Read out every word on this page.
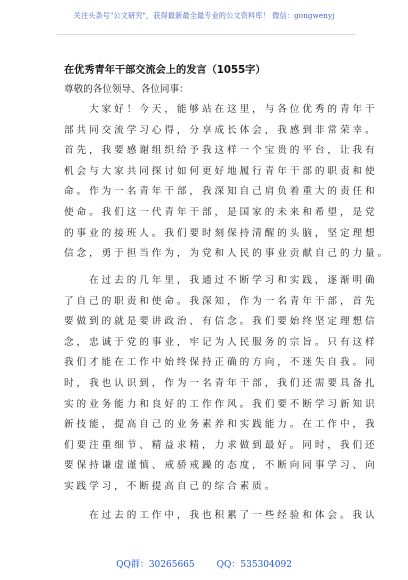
关注头条号"公文研究"，获得最新最全最专业的公文资料库！ 微信：gongwenyj
在优秀青年干部交流会上的发言（1055字）
尊敬的各位领导、各位同事：
　　大家好！今天，能够站在这里，与各位优秀的青年干
部共同交流学习心得，分享成长体会，我感到非常荣幸。
首先，我要感谢组织给予我这样一个宝贵的平台，让我有
机会与大家共同探讨如何更好地履行青年干部的职责和使
命。作为一名青年干部，我深知自己肩负着重大的责任和
使命。我们这一代青年干部，是国家的未来和希望，是党
的事业的接班人。我们要时刻保持清醒的头脑，坚定理想
信念，勇于担当作为，为党和人民的事业贡献自己的力量。
　　在过去的几年里，我通过不断学习和实践，逐渐明确
了自己的职责和使命。我深知，作为一名青年干部，首先
要做到的就是要讲政治、有信念。我们要始终坚定理想信
念，忠诚于党的事业，牢记为人民服务的宗旨。只有这样
我们才能在工作中始终保持正确的方向，不迷失自我。同
时，我也认识到，作为一名青年干部，我们还需要具备扎
实的业务能力和良好的工作作风。我们要不断学习新知识
新技能，提高自己的业务素养和实践能力。在工作中，我
们要注重细节、精益求精，力求做到最好。同时，我们还
要保持谦虚谨慎、戒骄戒躁的态度，不断向同事学习、向
实践学习，不断提高自己的综合素质。
　　在过去的工作中，我也积累了一些经验和体会。我认
QQ群：30265665 QQ：535304092
